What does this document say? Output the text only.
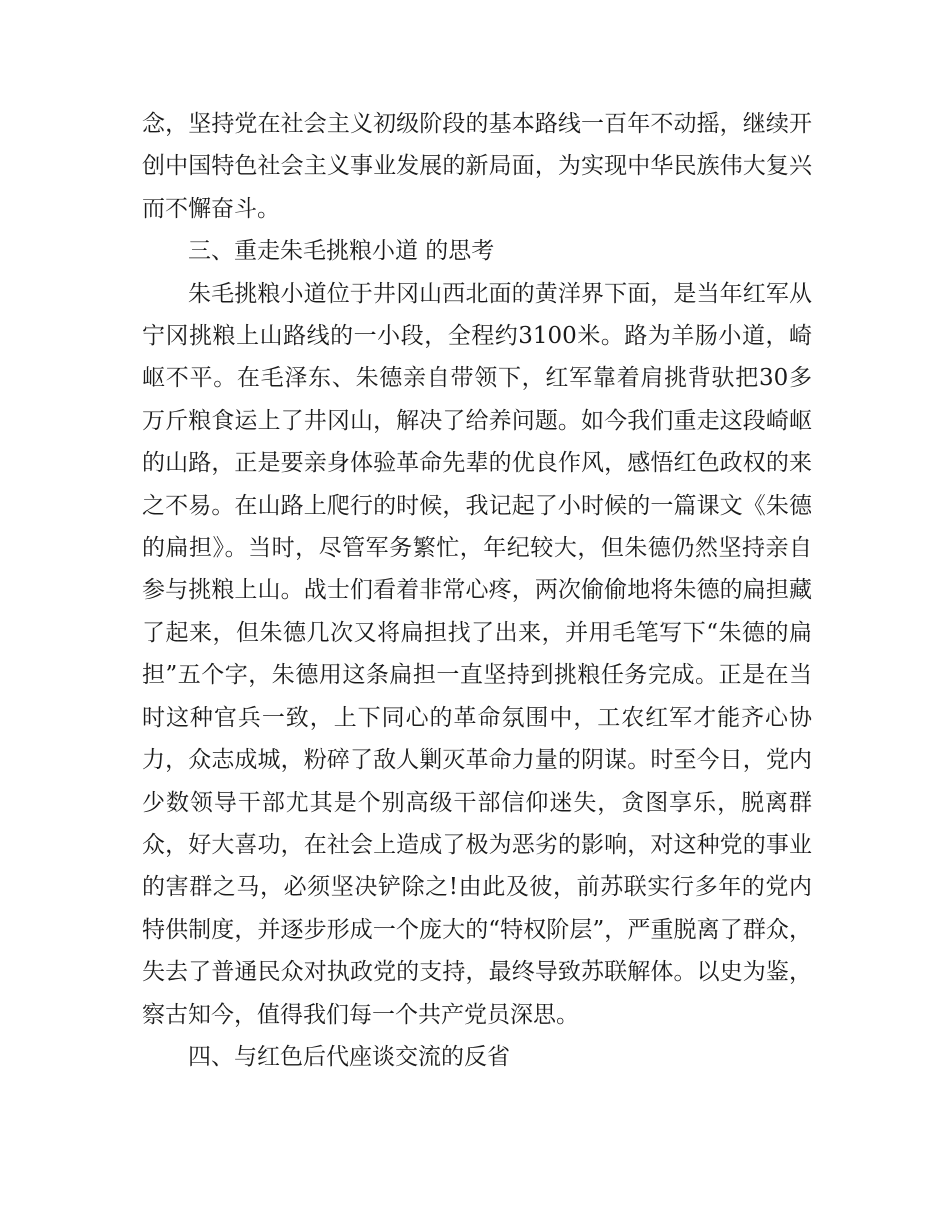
念，坚持党在社会主义初级阶段的基本路线一百年不动摇，继续开创中国特色社会主义事业发展的新局面，为实现中华民族伟大复兴而不懈奋斗。

三、重走朱毛挑粮小道 的思考

朱毛挑粮小道位于井冈山西北面的黄洋界下面，是当年红军从宁冈挑粮上山路线的一小段，全程约3100米。路为羊肠小道，崎岖不平。在毛泽东、朱德亲自带领下，红军靠着肩挑背驮把30多万斤粮食运上了井冈山，解决了给养问题。如今我们重走这段崎岖的山路，正是要亲身体验革命先辈的优良作风，感悟红色政权的来之不易。在山路上爬行的时候，我记起了小时候的一篇课文《朱德的扁担》。当时，尽管军务繁忙，年纪较大，但朱德仍然坚持亲自参与挑粮上山。战士们看着非常心疼，两次偷偷地将朱德的扁担藏了起来，但朱德几次又将扁担找了出来，并用毛笔写下“朱德的扁担”五个字，朱德用这条扁担一直坚持到挑粮任务完成。正是在当时这种官兵一致，上下同心的革命氛围中，工农红军才能齐心协力，众志成城，粉碎了敌人剿灭革命力量的阴谋。时至今日，党内少数领导干部尤其是个别高级干部信仰迷失，贪图享乐，脱离群众，好大喜功，在社会上造成了极为恶劣的影响，对这种党的事业的害群之马，必须坚决铲除之!由此及彼，前苏联实行多年的党内特供制度，并逐步形成一个庞大的“特权阶层”，严重脱离了群众，失去了普通民众对执政党的支持，最终导致苏联解体。以史为鉴，察古知今，值得我们每一个共产党员深思。

四、与红色后代座谈交流的反省
